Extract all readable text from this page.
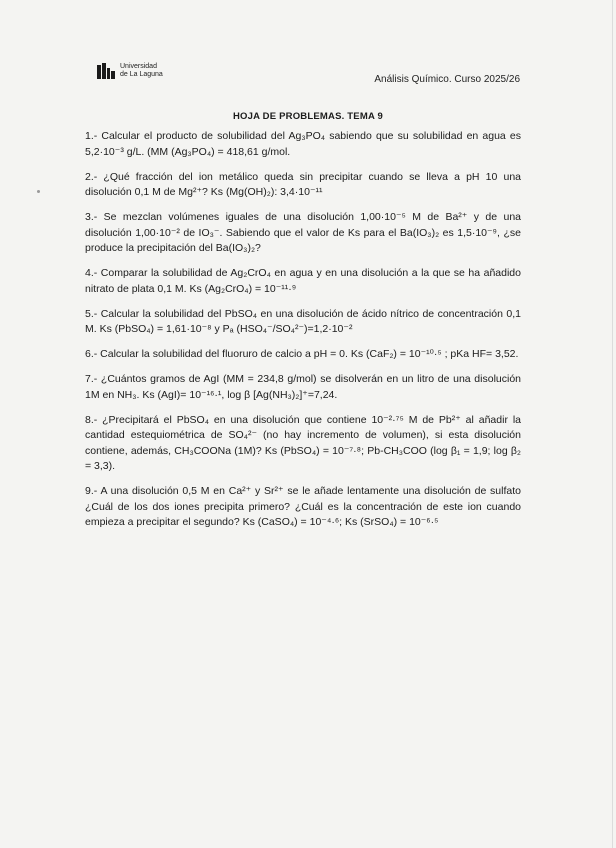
Universidad
de La Laguna	Análisis Químico. Curso 2025/26
HOJA DE PROBLEMAS. TEMA 9

1.- Calcular el producto de solubilidad del Ag₃PO₄ sabiendo que su solubilidad en agua es 5,2·10⁻³ g/L. (MM (Ag₃PO₄) = 418,61 g/mol.

2.- ¿Qué fracción del ion metálico queda sin precipitar cuando se lleva a pH 10 una disolución 0,1 M de Mg²⁺? Ks (Mg(OH)₂): 3,4·10⁻¹¹

3.- Se mezclan volúmenes iguales de una disolución 1,00·10⁻⁵ M de Ba²⁺ y de una disolución 1,00·10⁻² de IO₃⁻. Sabiendo que el valor de Ks para el Ba(IO₃)₂ es 1,5·10⁻⁹, ¿se produce la precipitación del Ba(IO₃)₂?

4.- Comparar la solubilidad de Ag₂CrO₄ en agua y en una disolución a la que se ha añadido nitrato de plata 0,1 M. Ks (Ag₂CrO₄) = 10⁻¹¹·⁹

5.- Calcular la solubilidad del PbSO₄ en una disolución de ácido nítrico de concentración 0,1 M. Ks (PbSO₄) = 1,61·10⁻⁸ y Pₐ (HSO₄⁻/SO₄²⁻)=1,2·10⁻²

6.- Calcular la solubilidad del fluoruro de calcio a pH = 0. Ks (CaF₂) = 10⁻¹⁰·⁵ ; pKa HF= 3,52.

7.- ¿Cuántos gramos de AgI (MM = 234,8 g/mol) se disolverán en un litro de una disolución 1M en NH₃. Ks (AgI)= 10⁻¹⁶·¹, log β [Ag(NH₃)₂]⁺=7,24.

8.- ¿Precipitará el PbSO₄ en una disolución que contiene 10⁻²·⁷⁵ M de Pb²⁺ al añadir la cantidad estequiométrica de SO₄²⁻ (no hay incremento de volumen), si esta disolución contiene, además, CH₃COONa (1M)? Ks (PbSO₄) = 10⁻⁷·⁸; Pb-CH₃COO (log β₁ = 1,9; log β₂ = 3,3).

9.- A una disolución 0,5 M en Ca²⁺ y Sr²⁺ se le añade lentamente una disolución de sulfato ¿Cuál de los dos iones precipita primero? ¿Cuál es la concentración de este ion cuando empieza a precipitar el segundo? Ks (CaSO₄) = 10⁻⁴·⁶; Ks (SrSO₄) = 10⁻⁶·⁵
